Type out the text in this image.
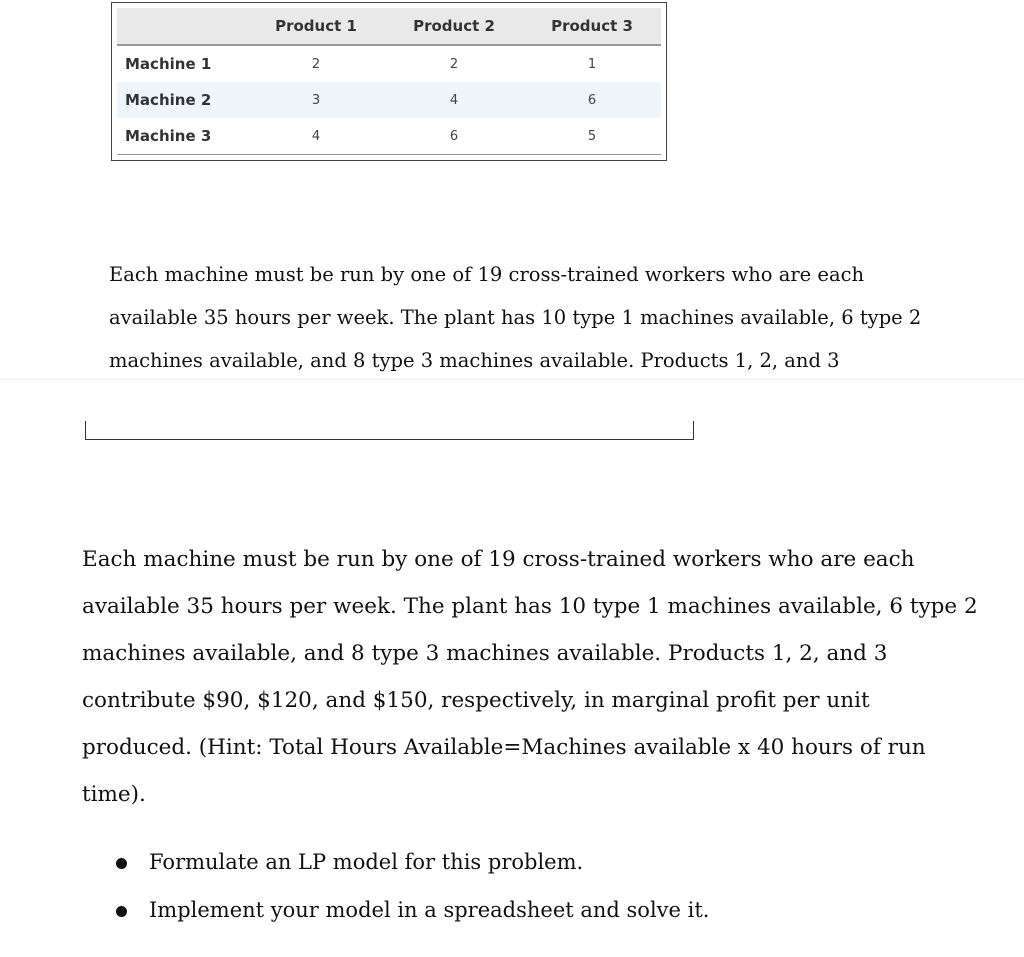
	Product 1	Product 2	Product 3
Machine 1	2	2	1
Machine 2	3	4	6
Machine 3	4	6	5
Each machine must be run by one of 19 cross-trained workers who are each
available 35 hours per week. The plant has 10 type 1 machines available, 6 type 2
machines available, and 8 type 3 machines available. Products 1, 2, and 3
Each machine must be run by one of 19 cross-trained workers who are each
available 35 hours per week. The plant has 10 type 1 machines available, 6 type 2
machines available, and 8 type 3 machines available. Products 1, 2, and 3
contribute $90, $120, and $150, respectively, in marginal profit per unit
produced. (Hint: Total Hours Available=Machines available x 40 hours of run
time).
Formulate an LP model for this problem.
Implement your model in a spreadsheet and solve it.
